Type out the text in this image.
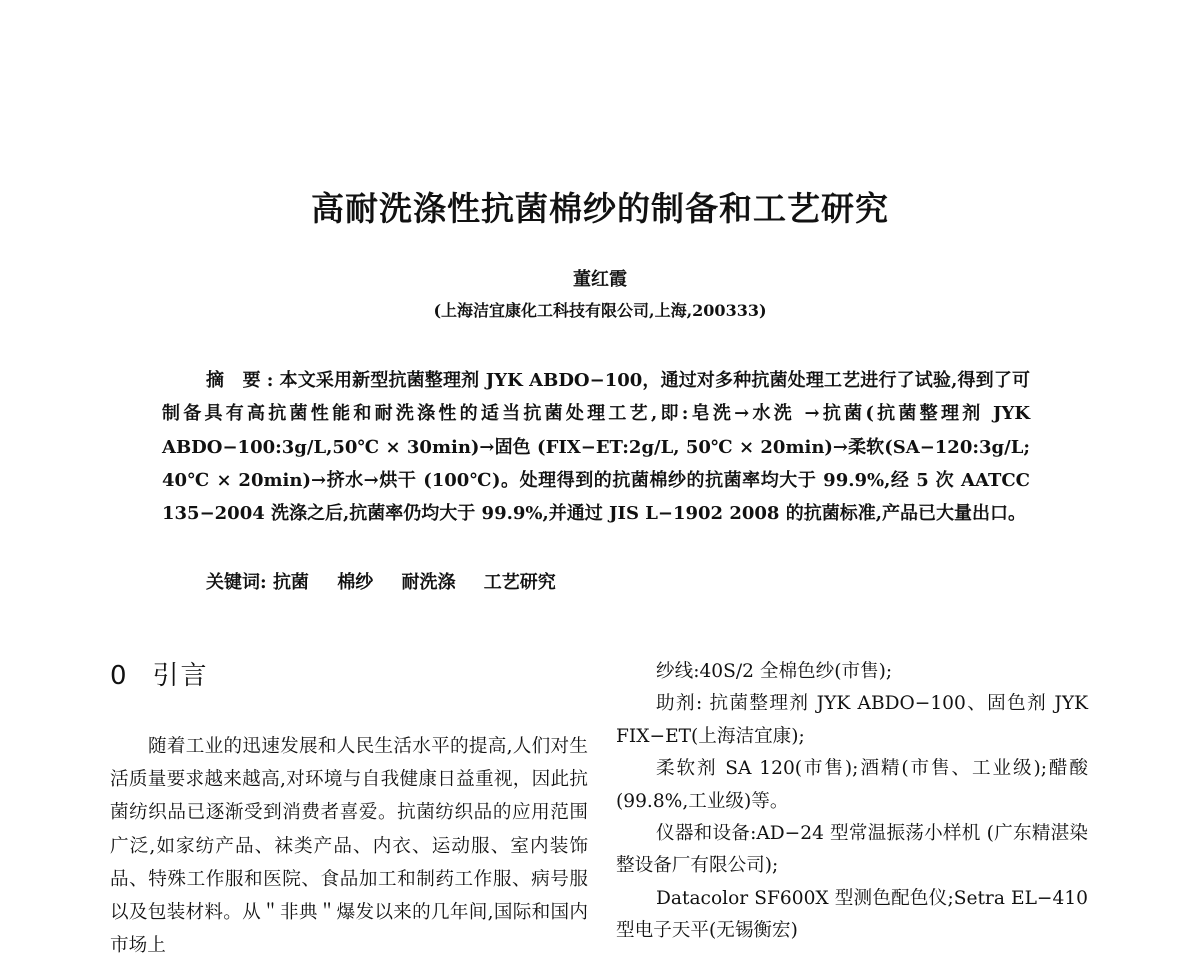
高耐洗涤性抗菌棉纱的制备和工艺研究
董红霞
(上海洁宜康化工科技有限公司,上海,200333)

摘 要:本文采用新型抗菌整理剂 JYK ABDO−100，通过对多种抗菌处理工艺进行了试验,得到了可制备具有高抗菌性能和耐洗涤性的适当抗菌处理工艺,即:皂洗→水洗 →抗菌(抗菌整理剂 JYK ABDO−100:3g/L,50℃ × 30min)→固色 (FIX−ET:2g/L, 50℃ × 20min)→柔软(SA−120:3g/L; 40℃ × 20min)→挤水→烘干 (100℃)。处理得到的抗菌棉纱的抗菌率均大于 99.9%,经 5 次 AATCC 135−2004 洗涤之后,抗菌率仍均大于 99.9%,并通过 JIS L−1902 2008 的抗菌标准,产品已大量出口。

关键词: 抗菌 棉纱 耐洗涤 工艺研究
0 引言

随着工业的迅速发展和人民生活水平的提高,人们对生活质量要求越来越高,对环境与自我健康日益重视，因此抗菌纺织品已逐渐受到消费者喜爱。抗菌纺织品的应用范围广泛,如家纺产品、袜类产品、内衣、运动服、室内装饰品、特殊工作服和医院、食品加工和制药工作服、病号服以及包装材料。从＂非典＂爆发以来的几年间,国际和国内市场上

纱线:40S/2 全棉色纱(市售);

助剂: 抗菌整理剂 JYK ABDO−100、固色剂 JYK FIX−ET(上海洁宜康);

柔软剂 SA 120(市售);酒精(市售、工业级);醋酸(99.8%,工业级)等。

仪器和设备:AD−24 型常温振荡小样机 (广东精湛染整设备厂有限公司);

Datacolor SF600X 型测色配色仪;Setra EL−410 型电子天平(无锡衡宏)
